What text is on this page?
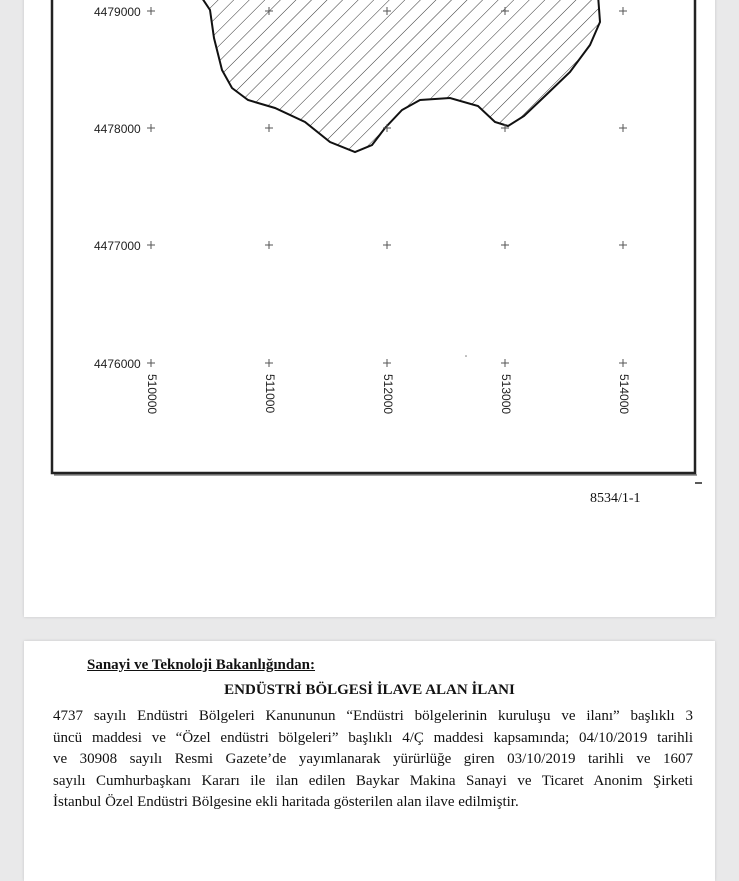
4479000
4478000
4477000
4476000
510000	511000	512000	513000	514000
8534/1-1
Sanayi ve Teknoloji Bakanlığından:
ENDÜSTRİ BÖLGESİ İLAVE ALAN İLANI
4737 sayılı Endüstri Bölgeleri Kanununun “Endüstri bölgelerinin kuruluşu ve ilanı” başlıklı 3
üncü maddesi ve “Özel endüstri bölgeleri” başlıklı 4/Ç maddesi kapsamında; 04/10/2019 tarihli
ve 30908 sayılı Resmi Gazete’de yayımlanarak yürürlüğe giren 03/10/2019 tarihli ve 1607
sayılı Cumhurbaşkanı Kararı ile ilan edilen Baykar Makina Sanayi ve Ticaret Anonim Şirketi
İstanbul Özel Endüstri Bölgesine ekli haritada gösterilen alan ilave edilmiştir.
